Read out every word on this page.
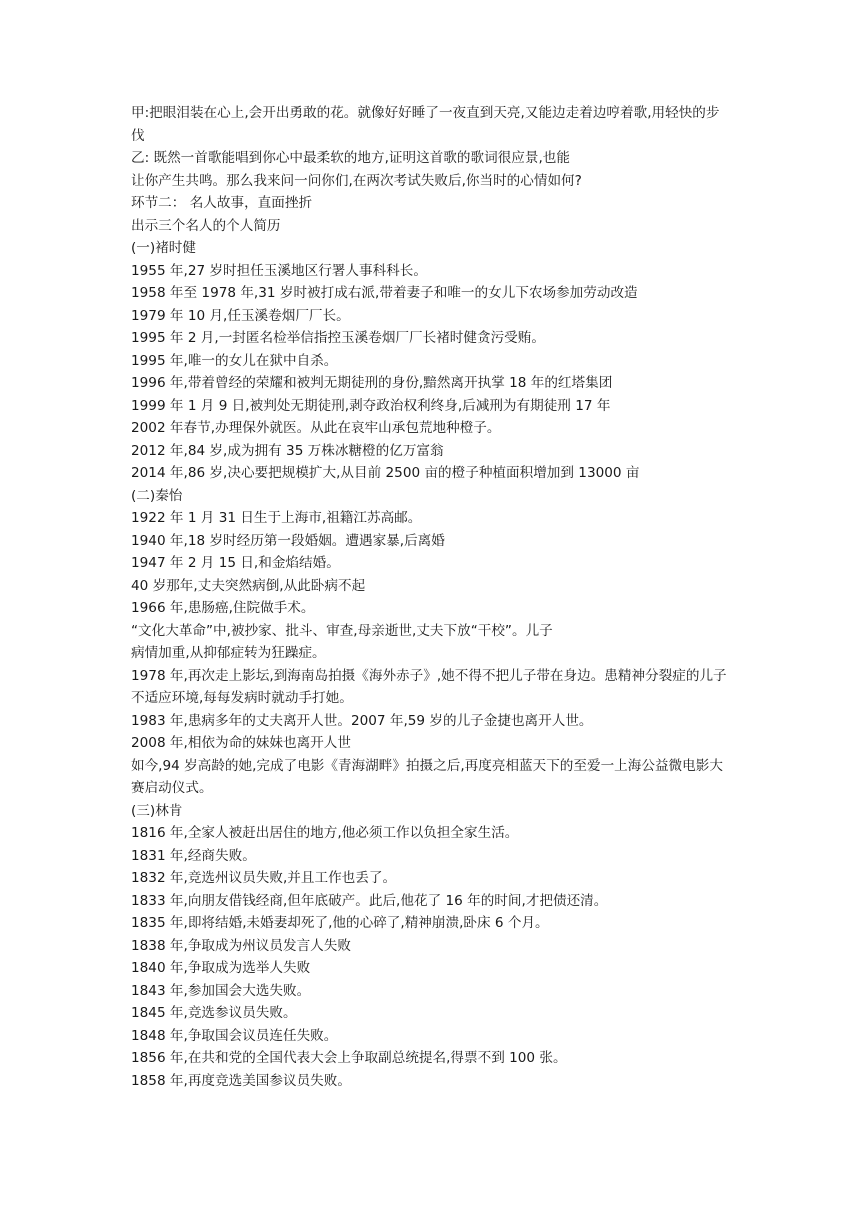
甲:把眼泪装在心上,会开出勇敢的花。就像好好睡了一夜直到天亮,又能边走着边哼着歌,用轻快的步伐
乙: 既然一首歌能唱到你心中最柔软的地方,证明这首歌的歌词很应景,也能
让你产生共鸣。那么我来问一问你们,在两次考试失败后,你当时的心情如何?
环节二： 名人故事，直面挫折
出示三个名人的个人简历
(一)褚时健
1955 年,27 岁时担任玉溪地区行署人事科科长。
1958 年至 1978 年,31 岁时被打成右派,带着妻子和唯一的女儿下农场参加劳动改造
1979 年 10 月,任玉溪卷烟厂厂长。
1995 年 2 月,一封匿名检举信指控玉溪卷烟厂厂长褚时健贪污受贿。
1995 年,唯一的女儿在狱中自杀。
1996 年,带着曾经的荣耀和被判无期徒刑的身份,黯然离开执掌 18 年的红塔集团
1999 年 1 月 9 日,被判处无期徒刑,剥夺政治权利终身,后减刑为有期徒刑 17 年
2002 年春节,办理保外就医。从此在哀牢山承包荒地种橙子。
2012 年,84 岁,成为拥有 35 万株冰糖橙的亿万富翁
2014 年,86 岁,决心要把规模扩大,从目前 2500 亩的橙子种植面积增加到 13000 亩
(二)秦怡
1922 年 1 月 31 日生于上海市,祖籍江苏高邮。
1940 年,18 岁时经历第一段婚姻。遭遇家暴,后离婚
1947 年 2 月 15 日,和金焰结婚。
40 岁那年,丈夫突然病倒,从此卧病不起
1966 年,患肠癌,住院做手术。
“文化大革命”中,被抄家、批斗、审查,母亲逝世,丈夫下放“干校”。儿子
病情加重,从抑郁症转为狂躁症。
1978 年,再次走上影坛,到海南岛拍摄《海外赤子》,她不得不把儿子带在身边。患精神分裂症的儿子不适应环境,每每发病时就动手打她。
1983 年,患病多年的丈夫离开人世。2007 年,59 岁的儿子金捷也离开人世。
2008 年,相依为命的妹妹也离开人世
如今,94 岁高龄的她,完成了电影《青海湖畔》拍摄之后,再度亮相蓝天下的至爱一上海公益微电影大赛启动仪式。
(三)林肯
1816 年,全家人被赶出居住的地方,他必须工作以负担全家生活。
1831 年,经商失败。
1832 年,竞选州议员失败,并且工作也丢了。
1833 年,向朋友借钱经商,但年底破产。此后,他花了 16 年的时间,才把债还清。
1835 年,即将结婚,未婚妻却死了,他的心碎了,精神崩溃,卧床 6 个月。
1838 年,争取成为州议员发言人失败
1840 年,争取成为选举人失败
1843 年,参加国会大选失败。
1845 年,竞选参议员失败。
1848 年,争取国会议员连任失败。
1856 年,在共和党的全国代表大会上争取副总统提名,得票不到 100 张。
1858 年,再度竞选美国参议员失败。
